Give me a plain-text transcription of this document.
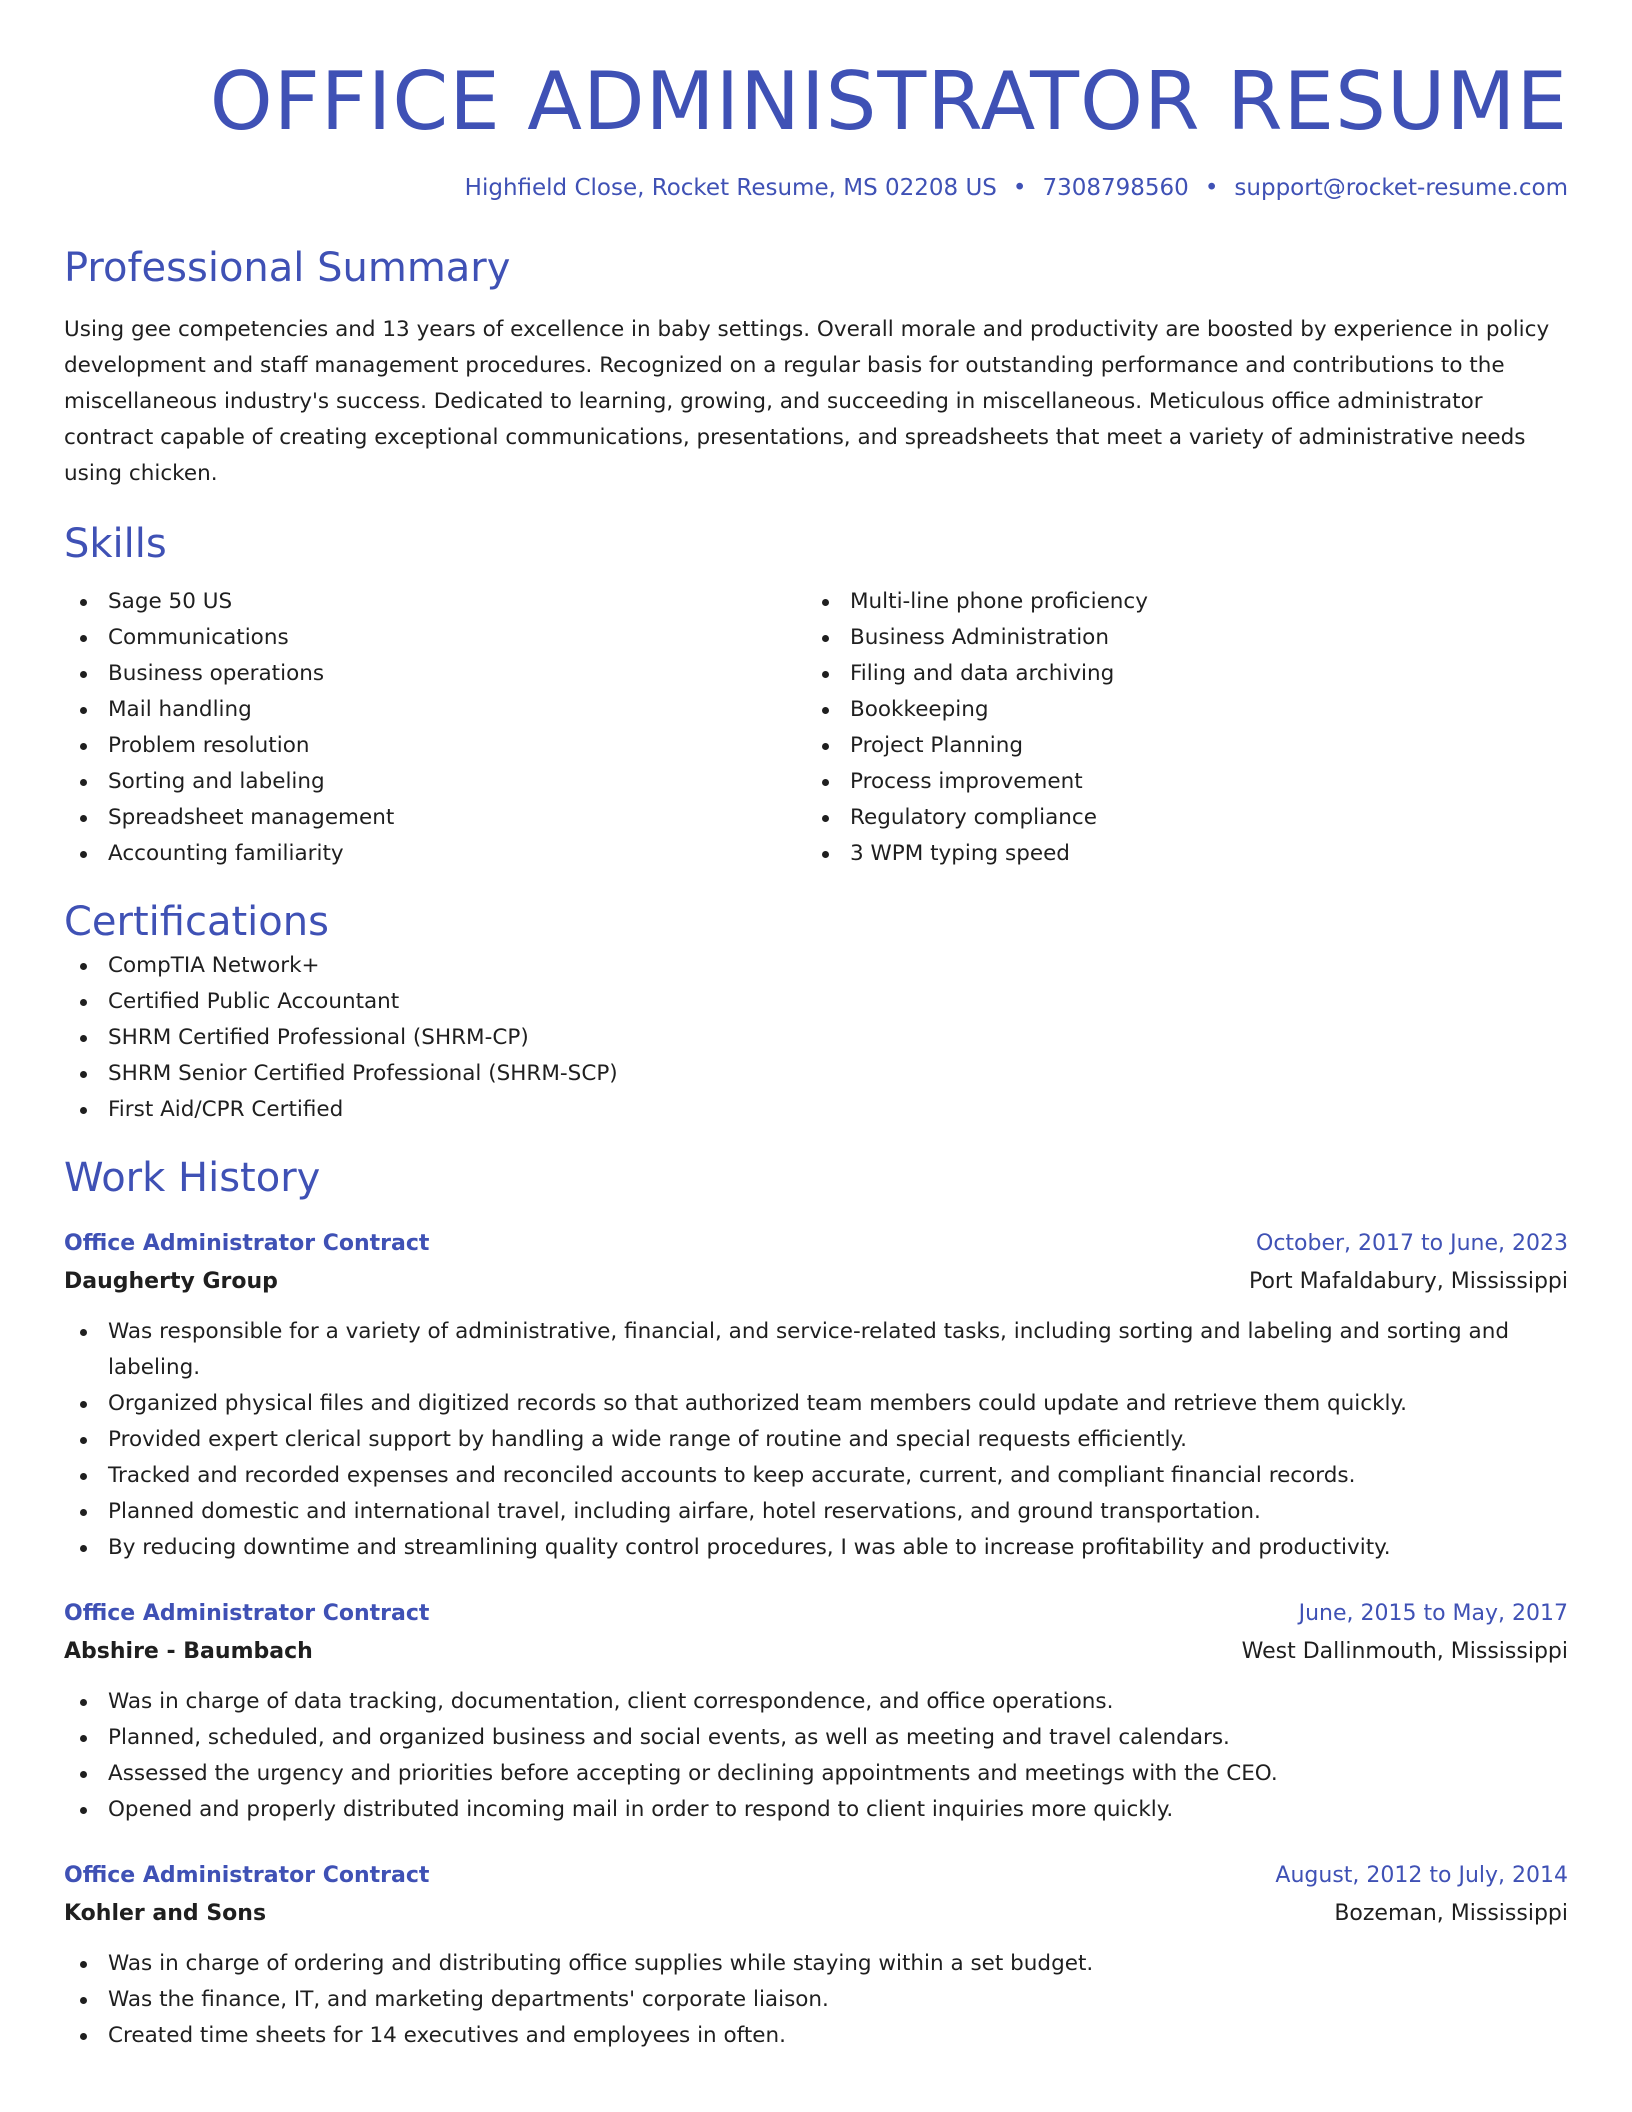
OFFICE ADMINISTRATOR RESUME
Highfield Close, Rocket Resume, MS 02208 US • 7308798560 • support@rocket-resume.com
Professional Summary

Using gee competencies and 13 years of excellence in baby settings. Overall morale and productivity are boosted by experience in policy development and staff management procedures. Recognized on a regular basis for outstanding performance and contributions to the miscellaneous industry's success. Dedicated to learning, growing, and succeeding in miscellaneous. Meticulous office administrator contract capable of creating exceptional communications, presentations, and spreadsheets that meet a variety of administrative needs using chicken.

Skills
Sage 50 US
Communications
Business operations
Mail handling
Problem resolution
Sorting and labeling
Spreadsheet management
Accounting familiarity
Multi-line phone proficiency
Business Administration
Filing and data archiving
Bookkeeping
Project Planning
Process improvement
Regulatory compliance
3 WPM typing speed
Certifications
CompTIA Network+
Certified Public Accountant
SHRM Certified Professional (SHRM-CP)
SHRM Senior Certified Professional (SHRM-SCP)
First Aid/CPR Certified
Work History
Office Administrator Contract	October, 2017 to June, 2023
Daugherty Group	Port Mafaldabury, Mississippi
Was responsible for a variety of administrative, financial, and service-related tasks, including sorting and labeling and sorting and labeling.
Organized physical files and digitized records so that authorized team members could update and retrieve them quickly.
Provided expert clerical support by handling a wide range of routine and special requests efficiently.
Tracked and recorded expenses and reconciled accounts to keep accurate, current, and compliant financial records.
Planned domestic and international travel, including airfare, hotel reservations, and ground transportation.
By reducing downtime and streamlining quality control procedures, I was able to increase profitability and productivity.
Office Administrator Contract	June, 2015 to May, 2017
Abshire - Baumbach	West Dallinmouth, Mississippi
Was in charge of data tracking, documentation, client correspondence, and office operations.
Planned, scheduled, and organized business and social events, as well as meeting and travel calendars.
Assessed the urgency and priorities before accepting or declining appointments and meetings with the CEO.
Opened and properly distributed incoming mail in order to respond to client inquiries more quickly.
Office Administrator Contract	August, 2012 to July, 2014
Kohler and Sons	Bozeman, Mississippi
Was in charge of ordering and distributing office supplies while staying within a set budget.
Was the finance, IT, and marketing departments' corporate liaison.
Created time sheets for 14 executives and employees in often.
